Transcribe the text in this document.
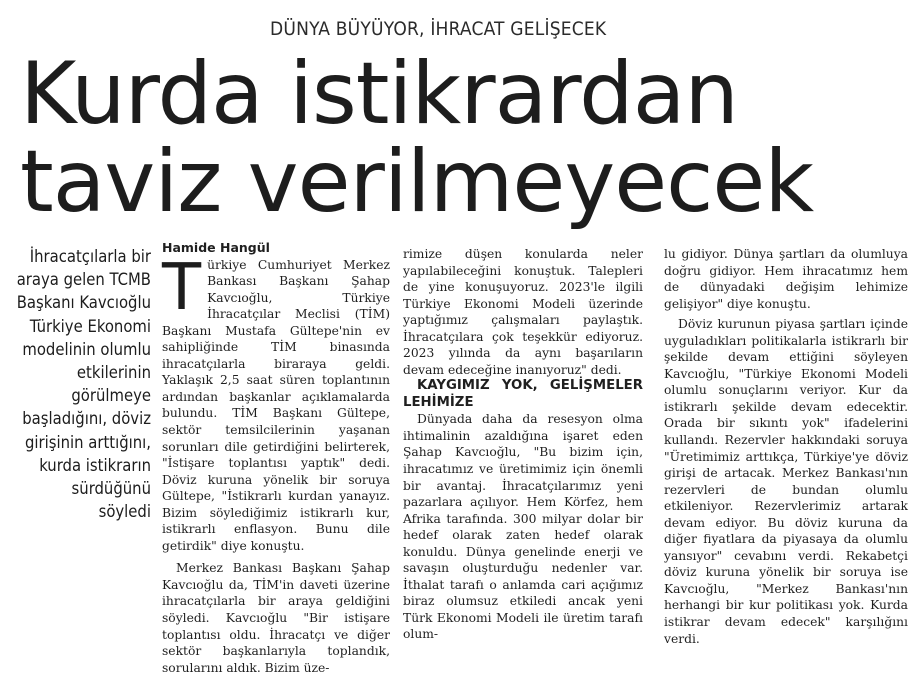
DÜNYA BÜYÜYOR, İHRACAT GELİŞECEK
Kurda istikrardan
taviz verilmeyecek

İhracatçılarla bir araya gelen TCMB Başkanı Kavcıoğlu Türkiye Ekonomi modelinin olumlu etkilerinin görülmeye başladığını, döviz girişinin arttığını, kurda istikrarın sürdüğünü söyledi

Hamide Hangül

Türkiye Cumhuriyet Merkez Bankası Başkanı Şahap Kavcıoğlu, Türkiye İhracatçılar Meclisi (TİM) Başkanı Mustafa Gültepe'nin ev sahipliğinde TİM binasında ihracatçılarla biraraya geldi. Yaklaşık 2,5 saat süren toplantının ardından başkanlar açıklamalarda bulundu. TİM Başkanı Gültepe, sektör temsilcilerinin yaşanan sorunları dile getirdiğini belirterek, "İstişare toplantısı yaptık" dedi. Döviz kuruna yönelik bir soruya Gültepe, "İstikrarlı kurdan yanayız. Bizim söylediğimiz istikrarlı kur, istikrarlı enflasyon. Bunu dile getirdik" diye konuştu.

Merkez Bankası Başkanı Şahap Kavcıoğlu da, TİM'in daveti üzerine ihracatçılarla bir araya geldiğini söyledi. Kavcıoğlu "Bir istişare toplantısı oldu. İhracatçı ve diğer sektör başkanlarıyla toplandık, sorularını aldık. Bizim üze-

rimize düşen konularda neler yapılabileceğini konuştuk. Talepleri de yine konuşuyoruz. 2023'le ilgili Türkiye Ekonomi Modeli üzerinde yaptığımız çalışmaları paylaştık. İhracatçılara çok teşekkür ediyoruz. 2023 yılında da aynı başarıların devam edeceğine inanıyoruz" dedi.

KAYGIMIZ YOK, GELİŞMELER LEHİMİZE

Dünyada daha da resesyon olma ihtimalinin azaldığına işaret eden Şahap Kavcıoğlu, "Bu bizim için, ihracatımız ve üretimimiz için önemli bir avantaj. İhracatçılarımız yeni pazarlara açılıyor. Hem Körfez, hem Afrika tarafında. 300 milyar dolar bir hedef olarak zaten hedef olarak konuldu. Dünya genelinde enerji ve savaşın oluşturduğu nedenler var. İthalat tarafı o anlamda cari açığımız biraz olumsuz etkiledi ancak yeni Türk Ekonomi Modeli ile üretim tarafı olum-

lu gidiyor. Dünya şartları da olumluya doğru gidiyor. Hem ihracatımız hem de dünyadaki değişim lehimize gelişiyor" diye konuştu.

Döviz kurunun piyasa şartları içinde uyguladıkları politikalarla istikrarlı bir şekilde devam ettiğini söyleyen Kavcıoğlu, "Türkiye Ekonomi Modeli olumlu sonuçlarını veriyor. Kur da istikrarlı şekilde devam edecektir. Orada bir sıkıntı yok" ifadelerini kullandı. Rezervler hakkındaki soruya "Üretimimiz arttıkça, Türkiye'ye döviz girişi de artacak. Merkez Bankası'nın rezervleri de bundan olumlu etkileniyor. Rezervlerimiz artarak devam ediyor. Bu döviz kuruna da diğer fiyatlara da piyasaya da olumlu yansıyor" cevabını verdi. Rekabetçi döviz kuruna yönelik bir soruya ise Kavcıoğlu, "Merkez Bankası'nın herhangi bir kur politikası yok. Kurda istikrar devam edecek" karşılığını verdi.
